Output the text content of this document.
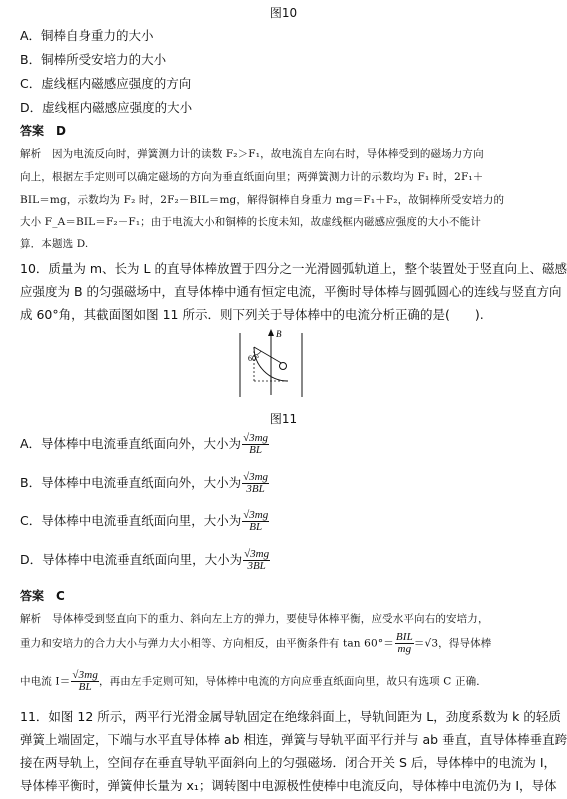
图10
A．铜棒自身重力的大小
B．铜棒所受安培力的大小
C．虚线框内磁感应强度的方向
D．虚线框内磁感应强度的大小
答案　D
解析　因为电流反向时，弹簧测力计的读数 F₂＞F₁，故电流自左向右时，导体棒受到的磁场力方向
向上，根据左手定则可以确定磁场的方向为垂直纸面向里；两弹簧测力计的示数均为 F₁ 时，2F₁＋
BIL＝mg，示数均为 F₂ 时，2F₂－BIL＝mg，解得铜棒自身重力 mg＝F₁＋F₂，故铜棒所受安培力的
大小 F_A＝BIL＝F₂－F₁；由于电流大小和铜棒的长度未知，故虚线框内磁感应强度的大小不能计
算．本题选 D.
10．质量为 m、长为 L 的直导体棒放置于四分之一光滑圆弧轨道上，整个装置处于竖直向上、磁感
应强度为 B 的匀强磁场中，直导体棒中通有恒定电流，平衡时导体棒与圆弧圆心的连线与竖直方向
成 60°角，其截面图如图 11 所示．则下列关于导体棒中的电流分析正确的是(　　).
B
60°
图11
A．导体棒中电流垂直纸面向外，大小为 $\frac{√3mg}{BL}$
B．导体棒中电流垂直纸面向外，大小为 $\frac{√3mg}{3BL}$
C．导体棒中电流垂直纸面向里，大小为 $\frac{√3mg}{BL}$
D．导体棒中电流垂直纸面向里，大小为 $\frac{√3mg}{3BL}$
答案　C
解析　导体棒受到竖直向下的重力、斜向左上方的弹力，要使导体棒平衡，应受水平向右的安培力，
重力和安培力的合力大小与弹力大小相等、方向相反，由平衡条件有 $\tan 60^\circ= \frac{\text{BIL}}{mg} =√3$，得导体棒
中电流 $I= \frac{√3mg}{BL}$ ，再由左手定则可知，导体棒中电流的方向应垂直纸面向里，故只有选项 C 正确．
11．如图 12 所示，两平行光滑金属导轨固定在绝缘斜面上，导轨间距为 L，劲度系数为 k 的轻质
弹簧上端固定，下端与水平直导体棒 ab 相连，弹簧与导轨平面平行并与 ab 垂直，直导体棒垂直跨
接在两导轨上，空间存在垂直导轨平面斜向上的匀强磁场．闭合开关 S 后，导体棒中的电流为 I，
导体棒平衡时，弹簧伸长量为 x₁；调转图中电源极性使棒中电流反向，导体棒中电流仍为 I，导体
